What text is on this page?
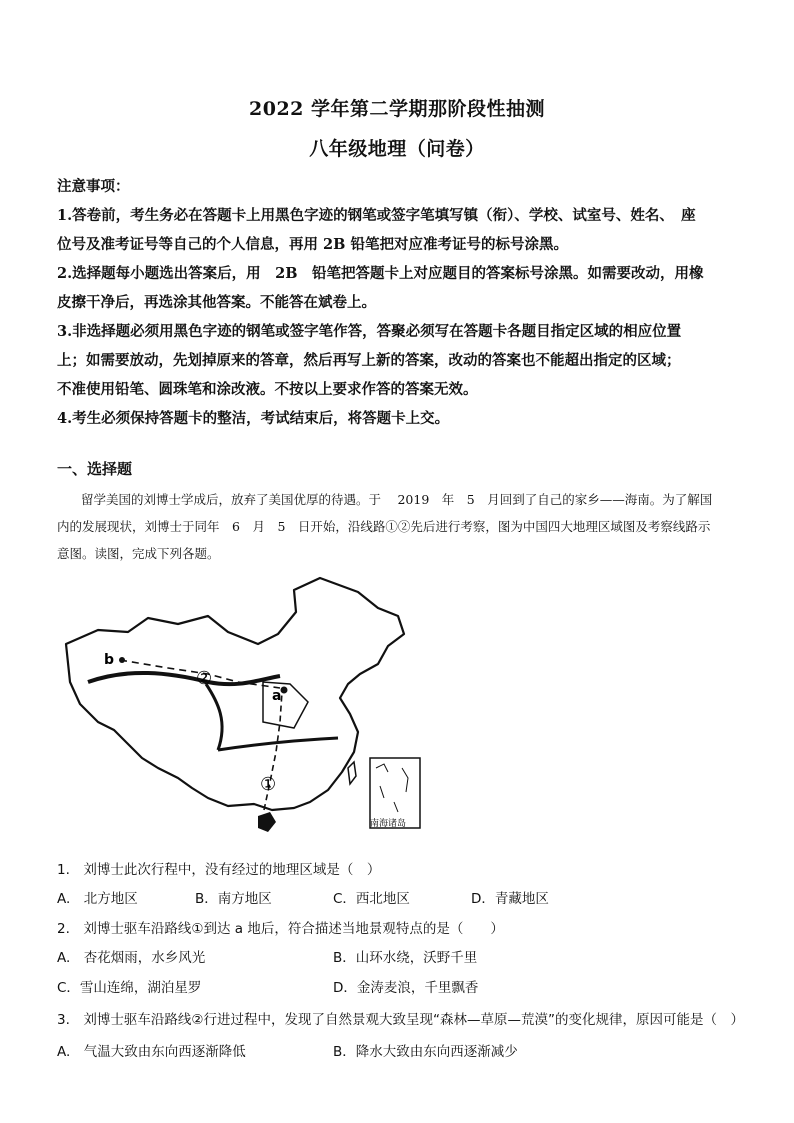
2022 学年第二学期那阶段性抽测
八年级地理（问卷）
注意事项：
1.答卷前，考生务必在答题卡上用黑色字迹的钢笔或签字笔填写镇（衔）、学校、试室号、姓名、　座
位号及准考证号等自己的个人信息，再用 2B 铅笔把对应准考证号的标号涂黑。
2.选择题每小题选出答案后，用　2B　铅笔把答题卡上对应题目的答案标号涂黑。如需要改动，用橡
皮擦干净后，再选涂其他答案。不能答在斌卷上。
3.非选择题必须用黑色字迹的钢笔或签字笔作答，答聚必须写在答题卡各题目指定区域的相应位置
上；如需要放动，先划掉原来的答章，然后再写上新的答案，改动的答案也不能超出指定的区域；
不准使用铅笔、圆珠笔和涂改液。不按以上要求作答的答案无效。
4.考生必须保持答题卡的整洁，考试结束后，将答题卡上交。
一、选择题
留学美国的刘博士学成后，放弃了美国优厚的待遇。于　 2019　年　5　月回到了自己的家乡——海南。为了解国
内的发展现状，刘博士于同年　6　月　5　日开始，沿线路①②先后进行考察，图为中国四大地理区域图及考察线路示
意图。读图，完成下列各题。
b
a
②
①
南海诸岛
1.　刘博士此次行程中，没有经过的地理区域是（　）
A.　北方地区	B．南方地区	C．西北地区	D．青藏地区
2.　刘博士驱车沿路线①到达 a 地后，符合描述当地景观特点的是（　　）
A.　杏花烟雨，水乡风光	B．山环水绕，沃野千里
C．雪山连绵，湖泊星罗	D．金涛麦浪，千里飘香
3.　刘博士驱车沿路线②行进过程中，发现了自然景观大致呈现“森林—草原—荒漠”的变化规律，原因可能是（　）
A.　气温大致由东向西逐渐降低	B．降水大致由东向西逐渐减少
